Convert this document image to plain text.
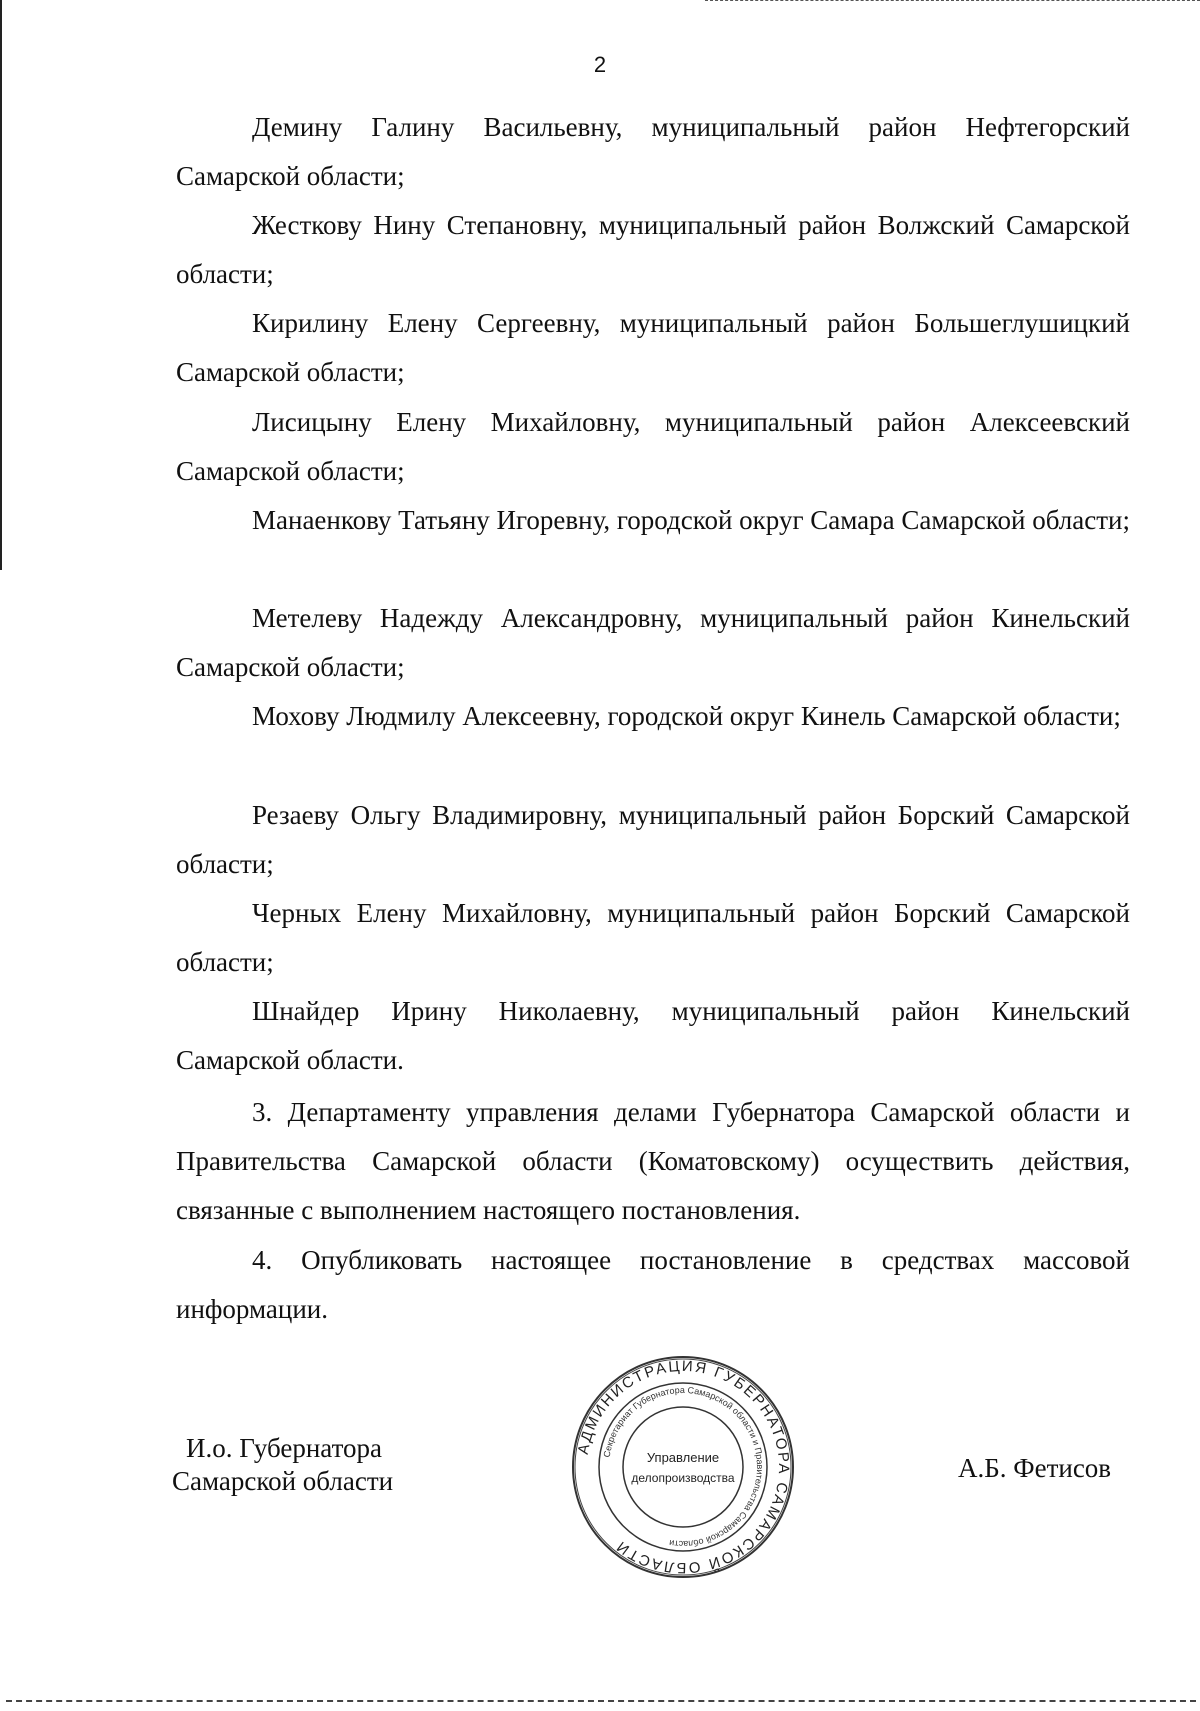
2

Демину Галину Васильевну, муниципальный район Нефтегорский Самарской области;

Жесткову Нину Степановну, муниципальный район Волжский Самарской области;

Кирилину Елену Сергеевну, муниципальный район Большеглушицкий Самарской области;

Лисицыну Елену Михайловну, муниципальный район Алексеевский Самарской области;

Манаенкову Татьяну Игоревну, городской округ Самара Самарской области;

Метелеву Надежду Александровну, муниципальный район Кинельский Самарской области;

Мохову Людмилу Алексеевну, городской округ Кинель Самарской области;

Резаеву Ольгу Владимировну, муниципальный район Борский Самарской области;

Черных Елену Михайловну, муниципальный район Борский Самарской области;

Шнайдер Ирину Николаевну, муниципальный район Кинельский Самарской области.

3. Департаменту управления делами Губернатора Самарской области и Правительства Самарской области (Коматовскому) осуществить действия, связанные с выполнением настоящего постановления.

4. Опубликовать настоящее постановление в средствах массовой информации.

И.о. Губернатора
Самарской области	А.Б. Фетисов
АДМИНИСТРАЦИЯ ГУБЕРНАТОРА САМАРСКОЙ ОБЛАСТИ
Секретариат Губернатора Самарской области и Правительства Самарской области
Управление
делопроизводства
